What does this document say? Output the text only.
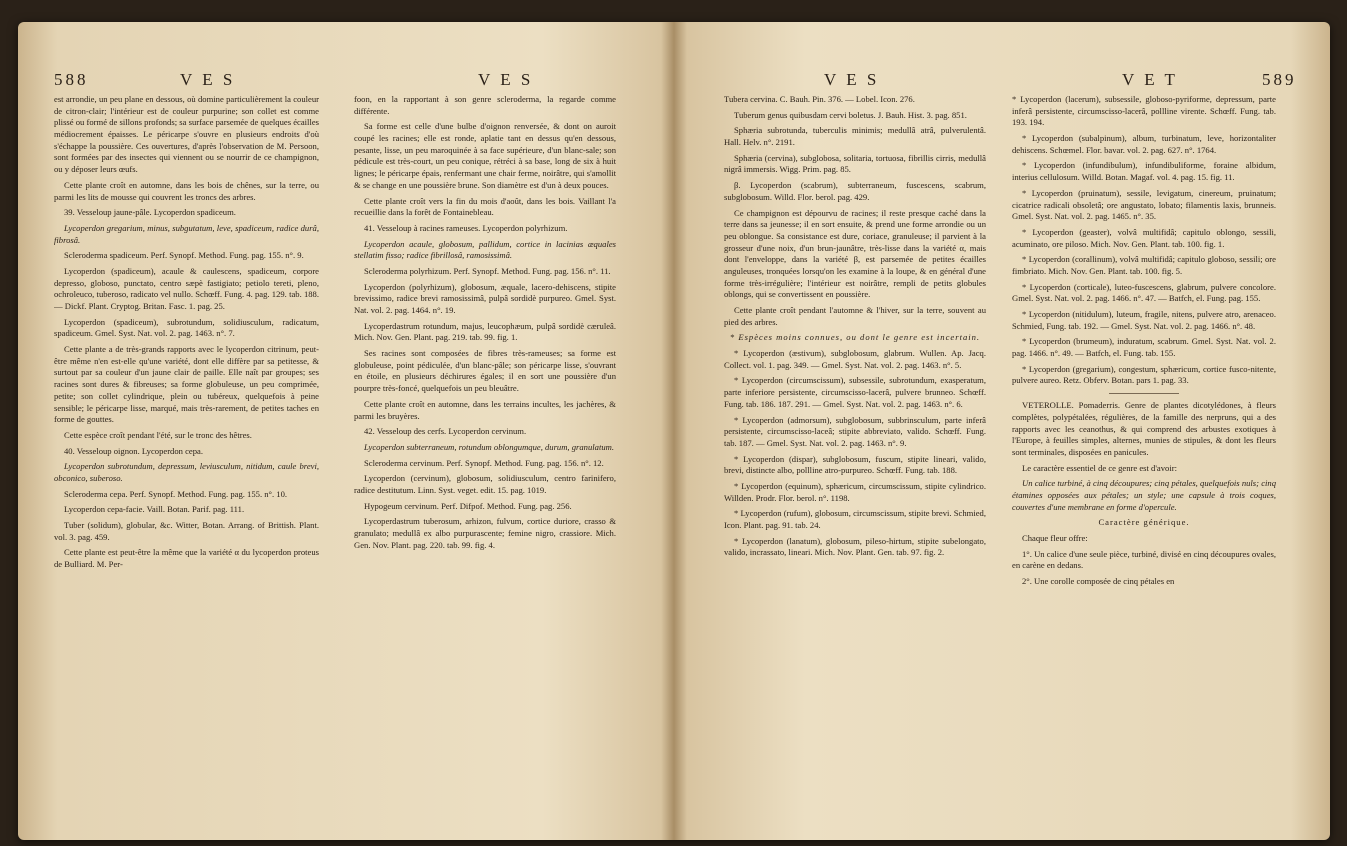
588	V E S	V E S

est arrondie, un peu plane en dessous, où domine particulièrement la couleur de citron-clair; l'intérieur est de couleur purpurine; son collet est comme plissé ou formé de sillons profonds; sa surface parsemée de quelques écailles médiocrement épaisses. Le péricarpe s'ouvre en plusieurs endroits d'où s'échappe la poussière. Ces ouvertures, d'après l'observation de M. Persoon, sont formées par des insectes qui viennent ou se nourrir de ce champignon, ou y déposer leurs œufs.

Cette plante croît en automne, dans les bois de chênes, sur la terre, ou parmi les lits de mousse qui couvrent les troncs des arbres.

39. Vesseloup jaune-pâle. Lycoperdon spadiceum.

Lycoperdon gregarium, minus, subgutatum, leve, spadiceum, radice durâ, fibrosâ.

Scleroderma spadiceum. Perf. Synopf. Method. Fung. pag. 155. n°. 9.

Lycoperdon (spadiceum), acaule & caulescens, spadiceum, corpore depresso, globoso, punctato, centro sæpè fastigiato; petiolo tereti, pleno, ochroleuco, tuberoso, radicato vel nullo. Schœff. Fung. 4. pag. 129. tab. 188. — Dickf. Plant. Cryptog. Britan. Fasc. 1. pag. 25.

Lycoperdon (spadiceum), subrotundum, solidiusculum, radicatum, spadiceum. Gmel. Syst. Nat. vol. 2. pag. 1463. n°. 7.

Cette plante a de très-grands rapports avec le lycoperdon citrinum, peut-être même n'en est-elle qu'une variété, dont elle diffère par sa petitesse, & surtout par sa couleur d'un jaune clair de paille. Elle naît par groupes; ses racines sont dures & fibreuses; sa forme globuleuse, un peu comprimée, petite; son collet cylindrique, plein ou tubéreux, quelquefois à peine sensible; le péricarpe lisse, marqué, mais très-rarement, de petites taches en forme de gouttes.

Cette espèce croît pendant l'été, sur le tronc des hêtres.

40. Vesseloup oignon. Lycoperdon cepa.

Lycoperdon subrotundum, depressum, leviusculum, nitidum, caule brevi, obconico, suberoso.

Scleroderma cepa. Perf. Synopf. Method. Fung. pag. 155. n°. 10.

Lycoperdon cepa-facie. Vaill. Botan. Parif. pag. 111.

Tuber (solidum), globular, &c. Witter, Botan. Arrang. of Brittish. Plant. vol. 3. pag. 459.

Cette plante est peut-être la même que la variété α du lycoperdon proteus de Bulliard. M. Per-

foon, en la rapportant à son genre scleroderma, la regarde comme différente.

Sa forme est celle d'une bulbe d'oignon renversée, & dont on auroit coupé les racines; elle est ronde, aplatie tant en dessus qu'en dessous, pesante, lisse, un peu maroquinée à sa face supérieure, d'un blanc-sale; son pédicule est très-court, un peu conique, rétréci à sa base, long de six à huit lignes; le péricarpe épais, renfermant une chair ferme, noirâtre, qui s'amollit & se change en une poussière brune. Son diamètre est d'un à deux pouces.

Cette plante croît vers la fin du mois d'août, dans les bois. Vaillant l'a recueillie dans la forêt de Fontainebleau.

41. Vesseloup à racines rameuses. Lycoperdon polyrhizum.

Lycoperdon acaule, globosum, pallidum, cortice in lacinias æquales stellatim fisso; radice fibrillosâ, ramosissimâ.

Scleroderma polyrhizum. Perf. Synopf. Method. Fung. pag. 156. n°. 11.

Lycoperdon (polyrhizum), globosum, æquale, lacero-dehiscens, stipite brevissimo, radice brevi ramosissimâ, pulpâ sordidè purpureo. Gmel. Syst. Nat. vol. 2. pag. 1464. n°. 19.

Lycoperdastrum rotundum, majus, leucophæum, pulpâ sordidè cæruleâ. Mich. Nov. Gen. Plant. pag. 219. tab. 99. fig. 1.

Ses racines sont composées de fibres très-rameuses; sa forme est globuleuse, point pédiculée, d'un blanc-pâle; son péricarpe lisse, s'ouvrant en étoile, en plusieurs déchirures égales; il en sort une poussière d'un pourpre très-foncé, quelquefois un peu bleuâtre.

Cette plante croît en automne, dans les terrains incultes, les jachères, & parmi les bruyères.

42. Vesseloup des cerfs. Lycoperdon cervinum.

Lycoperdon subterraneum, rotundum oblongumque, durum, granulatum.

Scleroderma cervinum. Perf. Synopf. Method. Fung. pag. 156. n°. 12.

Lycoperdon (cervinum), globosum, solidiusculum, centro farinifero, radice destitutum. Linn. Syst. veget. edit. 15. pag. 1019.

Hypogeum cervinum. Perf. Difpof. Method. Fung. pag. 256.

Lycoperdastrum tuberosum, arhizon, fulvum, cortice duriore, crasso & granulato; medullâ ex albo purpurascente; femine nigro, crassiore. Mich. Gen. Nov. Plant. pag. 220. tab. 99. fig. 4.

V E S	V E T	589

Tubera cervina. C. Bauh. Pin. 376. — Lobel. Icon. 276.

Tuberum genus quibusdam cervi boletus. J. Bauh. Hist. 3. pag. 851.

Sphæria subrotunda, tuberculis minimis; medullâ atrâ, pulverulentâ. Hall. Helv. n°. 2191.

Sphæria (cervina), subglobosa, solitaria, tortuosa, fibrillis cirris, medullâ nigrâ immersis. Wigg. Prim. pag. 85.

β. Lycoperdon (scabrum), subterraneum, fuscescens, scabrum, subglobosum. Willd. Flor. berol. pag. 429.

Ce champignon est dépourvu de racines; il reste presque caché dans la terre dans sa jeunesse; il en sort ensuite, & prend une forme arrondie ou un peu oblongue. Sa consistance est dure, coriace, granuleuse; il parvient à la grosseur d'une noix, d'un brun-jaunâtre, très-lisse dans la variété α, mais dont l'enveloppe, dans la variété β, est parsemée de petites écailles anguleuses, tronquées lorsqu'on les examine à la loupe, & en général d'une forme très-irrégulière; l'intérieur est noirâtre, rempli de petits globules oblongs, qui se convertissent en poussière.

Cette plante croît pendant l'automne & l'hiver, sur la terre, souvent au pied des arbres.

* Espèces moins connues, ou dont le genre est incertain.

* Lycoperdon (æstivum), subglobosum, glabrum. Wullen. Ap. Jacq. Collect. vol. 1. pag. 349. — Gmel. Syst. Nat. vol. 2. pag. 1463. n°. 5.

* Lycoperdon (circumscissum), subsessile, subrotundum, exasperatum, parte inferiore persistente, circumscisso-lacerâ, pulvere brunneo. Schœff. Fung. tab. 186. 187. 291. — Gmel. Syst. Nat. vol. 2. pag. 1463. n°. 6.

* Lycoperdon (admorsum), subglobosum, subbrinsculum, parte inferâ persistente, circumscisso-laceâ; stipite abbreviato, valido. Schœff. Fung. tab. 187. — Gmel. Syst. Nat. vol. 2. pag. 1463. n°. 9.

* Lycoperdon (dispar), subglobosum, fuscum, stipite lineari, valido, brevi, distincte albo, pollline atro-purpureo. Schœff. Fung. tab. 188.

* Lycoperdon (equinum), sphæricum, circumscissum, stipite cylindrico. Willden. Prodr. Flor. berol. n°. 1198.

* Lycoperdon (rufum), globosum, circumscissum, stipite brevi. Schmied, Icon. Plant. pag. 91. tab. 24.

* Lycoperdon (lanatum), globosum, pileso-hirtum, stipite subelongato, valido, incrassato, lineari. Mich. Nov. Plant. Gen. tab. 97. fig. 2.

* Lycoperdon (lacerum), subsessile, globoso-pyriforme, depressum, parte inferâ persistente, circumscisso-lacerâ, pollline virente. Schœff. Fung. tab. 193. 194.

* Lycoperdon (subalpinum), album, turbinatum, leve, horizontaliter dehiscens. Schœmel. Flor. bavar. vol. 2. pag. 627. n°. 1764.

* Lycoperdon (infundibulum), infundibuliforme, foraine albidum, interius cellulosum. Willd. Botan. Magaf. vol. 4. pag. 15. fig. 11.

* Lycoperdon (pruinatum), sessile, levigatum, cinereum, pruinatum; cicatrice radicali obsoletâ; ore angustato, lobato; filamentis laxis, brunneis. Gmel. Syst. Nat. vol. 2. pag. 1465. n°. 35.

* Lycoperdon (geaster), volvâ multifidâ; capitulo oblongo, sessili, acuminato, ore piloso. Mich. Nov. Gen. Plant. tab. 100. fig. 1.

* Lycoperdon (corallinum), volvâ multifidâ; capitulo globoso, sessili; ore fimbriato. Mich. Nov. Gen. Plant. tab. 100. fig. 5.

* Lycoperdon (corticale), luteo-fuscescens, glabrum, pulvere concolore. Gmel. Syst. Nat. vol. 2. pag. 1466. n°. 47. — Batfch, el. Fung. pag. 155.

* Lycoperdon (nitidulum), luteum, fragile, nitens, pulvere atro, arenaceo. Schmied, Fung. tab. 192. — Gmel. Syst. Nat. vol. 2. pag. 1466. n°. 48.

* Lycoperdon (brumeum), induratum, scabrum. Gmel. Syst. Nat. vol. 2. pag. 1466. n°. 49. — Batfch, el. Fung. tab. 155.

* Lycoperdon (gregarium), congestum, sphæricum, cortice fusco-nitente, pulvere aureo. Retz. Obferv. Botan. pars 1. pag. 33.

VETEROLLE. Pomaderris. Genre de plantes dicotylédones, à fleurs complètes, polypétalées, régulières, de la famille des nerpruns, qui a des rapports avec les ceanothus, & qui comprend des arbustes exotiques à l'Europe, à feuilles simples, alternes, munies de stipules, & dont les fleurs sont terminales, disposées en panicules.

Le caractère essentiel de ce genre est d'avoir:

Un calice turbiné, à cinq découpures; cinq pétales, quelquefois nuls; cinq étamines opposées aux pétales; un style; une capsule à trois coques, couvertes d'une membrane en forme d'opercule.

Caractère générique.

Chaque fleur offre:

1°. Un calice d'une seule pièce, turbiné, divisé en cinq découpures ovales, en carène en dedans.

2°. Une corolle composée de cinq pétales en
